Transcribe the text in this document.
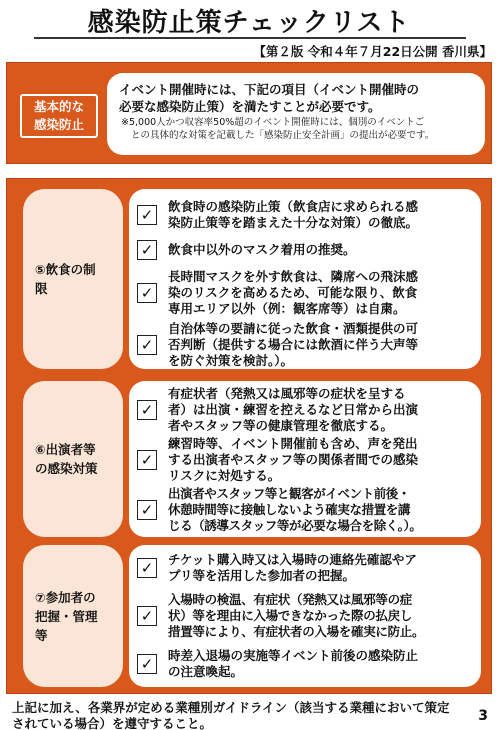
感染防止策チェックリスト
【第２版 令和４年７月22日公開 香川県】
基本的な
感染防止
イベント開催時には、下記の項目（イベント開催時の
必要な感染防止策）を満たすことが必要です。
※5,000人かつ収容率50%超のイベント開催時には、個別のイベントご
との具体的な対策を記載した「感染防止安全計画」の提出が必要です。
⑤飲食の制
限
✓ 飲食時の感染防止策（飲食店に求められる感
染防止策等を踏まえた十分な対策）の徹底。
✓ 飲食中以外のマスク着用の推奨。
✓
長時間マスクを外す飲食は、隣席への飛沫感
染のリスクを高めるため、可能な限り、飲食
専用エリア以外（例：観客席等）は自粛。
✓
自治体等の要請に従った飲食・酒類提供の可
否判断（提供する場合には飲酒に伴う大声等
を防ぐ対策を検討。）。
⑥出演者等
の感染対策
✓
有症状者（発熱又は風邪等の症状を呈する
者）は出演・練習を控えるなど日常から出演
者やスタッフ等の健康管理を徹底する。
✓
練習時等、イベント開催前も含め、声を発出
する出演者やスタッフ等の関係者間での感染
リスクに対処する。
✓
出演者やスタッフ等と観客がイベント前後・
休憩時間等に接触しないよう確実な措置を講
じる（誘導スタッフ等が必要な場合を除く。）。
⑦参加者の
把握・管理
等
✓ チケット購入時又は入場時の連絡先確認やア
プリ等を活用した参加者の把握。
✓
入場時の検温、有症状（発熱又は風邪等の症
状）等を理由に入場できなかった際の払戻し
措置等により、有症状者の入場を確実に防止。
✓ 時差入退場の実施等イベント前後の感染防止
の注意喚起。
上記に加え、各業界が定める業種別ガイドライン（該当する業種において策定
されている場合）を遵守すること。	3
